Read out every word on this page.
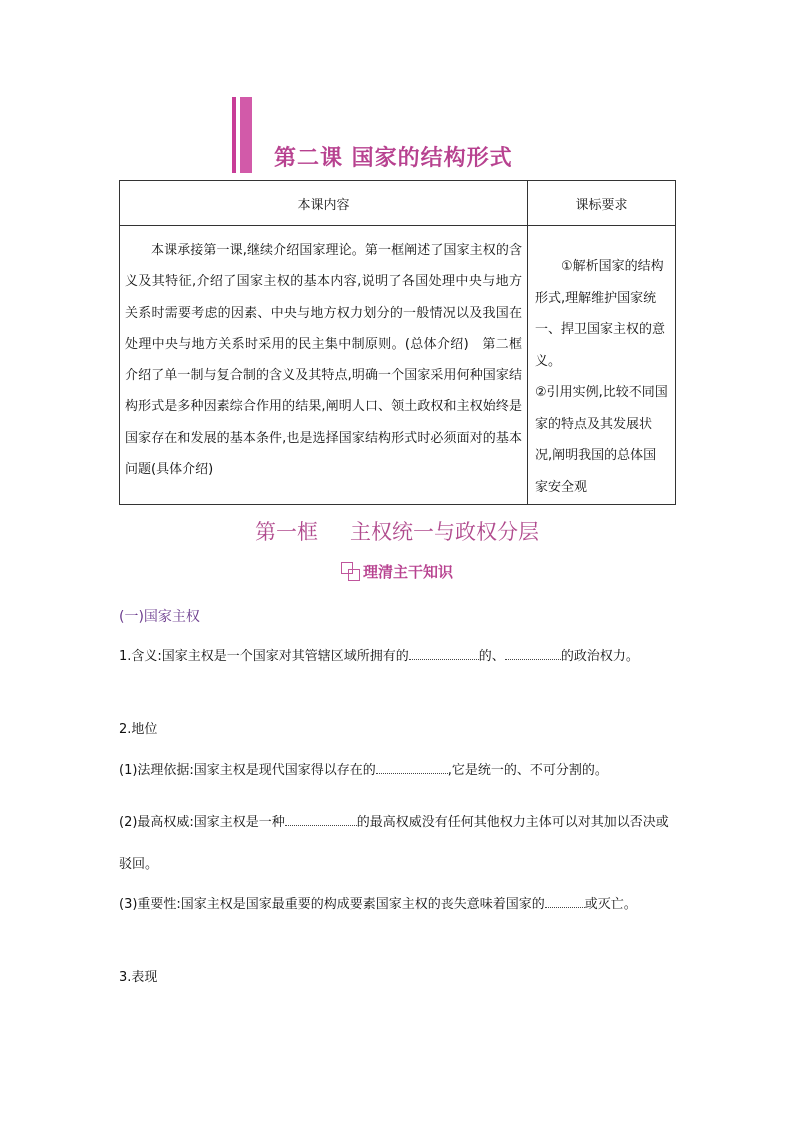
第二课 国家的结构形式
本课内容	课标要求

本课承接第一课,继续介绍国家理论。第一框阐述了国家主权的含义及其特征,介绍了国家主权的基本内容,说明了各国处理中央与地方关系时需要考虑的因素、中央与地方权力划分的一般情况以及我国在处理中央与地方关系时采用的民主集中制原则。(总体介绍)　第二框介绍了单一制与复合制的含义及其特点,明确一个国家采用何种国家结构形式是多种因素综合作用的结果,阐明人口、领土政权和主权始终是国家存在和发展的基本条件,也是选择国家结构形式时必须面对的基本问题(具体介绍)	①解析国家的结构形式,理解维护国家统一、捍卫国家主权的意义。
②引用实例,比较不同国家的特点及其发展状况,阐明我国的总体国家安全观
第一框 主权统一与政权分层
理清主干知识
(一)国家主权
1.含义:国家主权是一个国家对其管辖区域所拥有的	的、	的政治权力。
2.地位
(1)法理依据:国家主权是现代国家得以存在的	,它是统一的、不可分割的。
(2)最高权威:国家主权是一种	的最高权威没有任何其他权力主体可以对其加以否决或驳回。
(3)重要性:国家主权是国家最重要的构成要素国家主权的丧失意味着国家的	或灭亡。
3.表现
